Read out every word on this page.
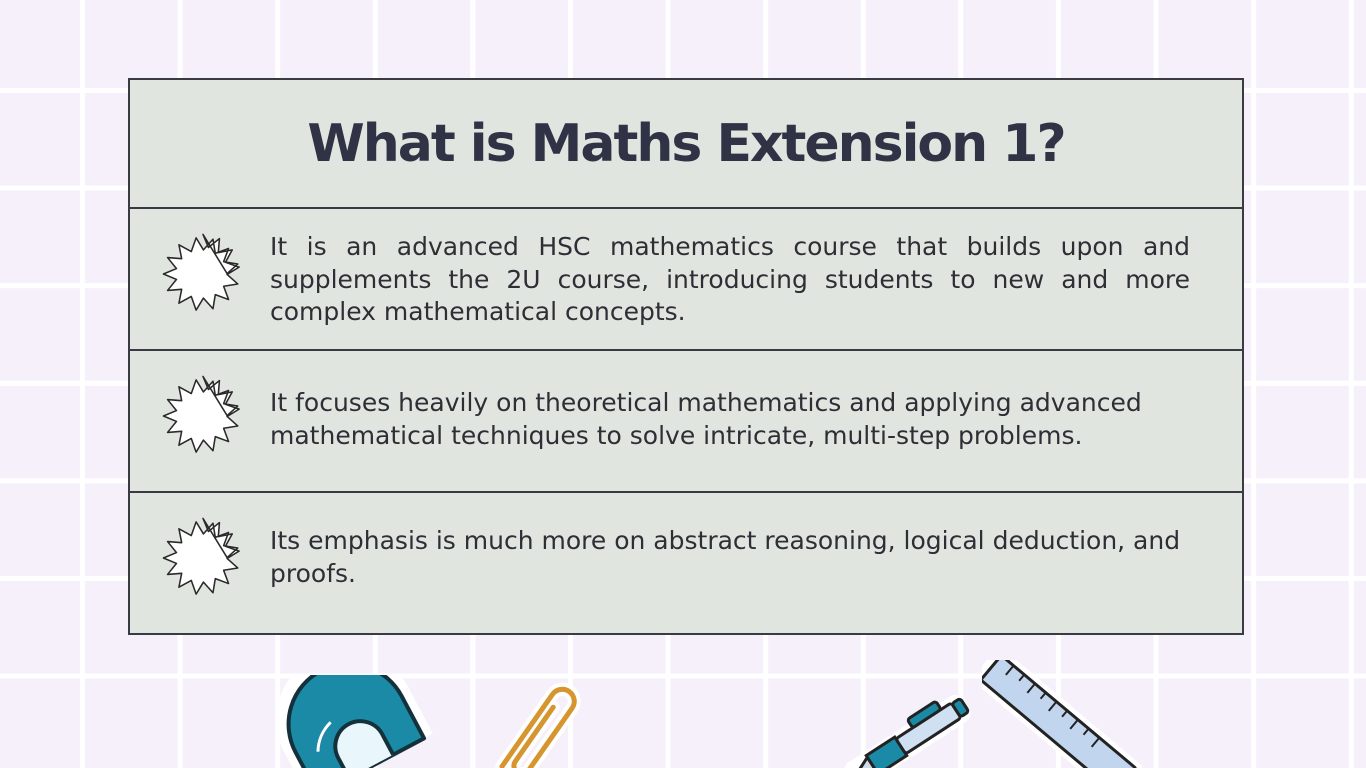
What is Maths Extension 1?

It is an advanced HSC mathematics course that builds upon and supplements the 2U course, introducing students to new and more complex mathematical concepts.

It focuses heavily on theoretical mathematics and applying advanced mathematical techniques to solve intricate, multi-step problems.

Its emphasis is much more on abstract reasoning, logical deduction, and proofs.
